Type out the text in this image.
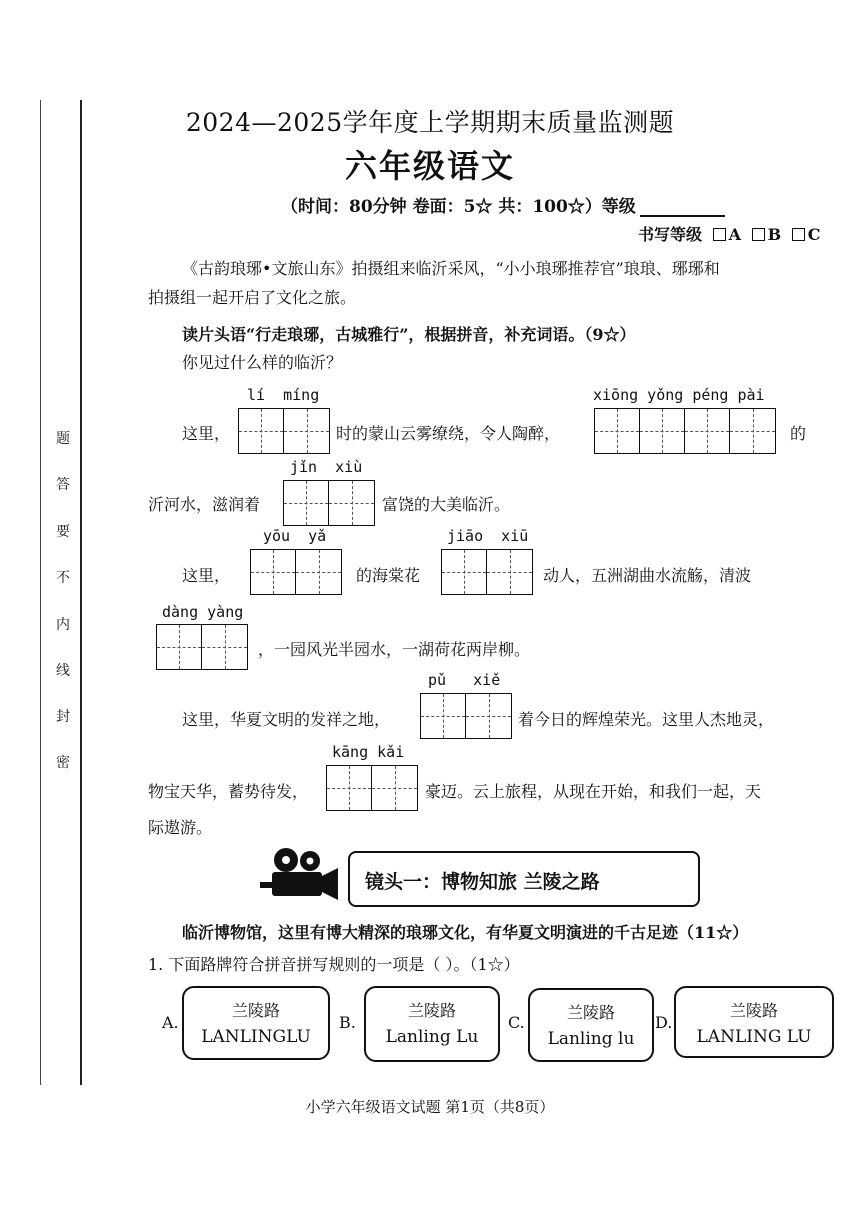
题
答
要
不
内
线
封
密
2024—2025学年度上学期期末质量监测题
六年级语文
（时间：80分钟 卷面：5☆ 共：100☆）等级
书写等级 A B C
《古韵琅琊•文旅山东》拍摄组来临沂采风，“小小琅琊推荐官”琅琅、琊琊和
拍摄组一起开启了文化之旅。
读片头语“行走琅琊，古城雅行”，根据拼音，补充词语。（9☆）
你见过什么样的临沂？
lí  míng	xiōng yǒng péng pài
这里，	时的蒙山云雾缭绕，令人陶醉，	的
jǐn  xiù
沂河水，滋润着	富饶的大美临沂。
yōu  yǎ	jiāo  xiū
这里，	的海棠花	动人，五洲湖曲水流觞，清波
dàng yàng
，一园风光半园水，一湖荷花两岸柳。
pǔ   xiě
这里，华夏文明的发祥之地，	着今日的辉煌荣光。这里人杰地灵，
kāng kǎi
物宝天华，蓄势待发，	豪迈。云上旅程，从现在开始，和我们一起，天
际遨游。
镜头一：博物知旅 兰陵之路
临沂博物馆，这里有博大精深的琅琊文化，有华夏文明演进的千古足迹（11☆）
1. 下面路牌符合拼音拼写规则的一项是（ ）。（1☆）
A.
兰陵路
LANLINGLU
B.
兰陵路
Lanling Lu
C.
兰陵路
Lanling lu
D.
兰陵路
LANLING LU
小学六年级语文试题 第1页（共8页）
